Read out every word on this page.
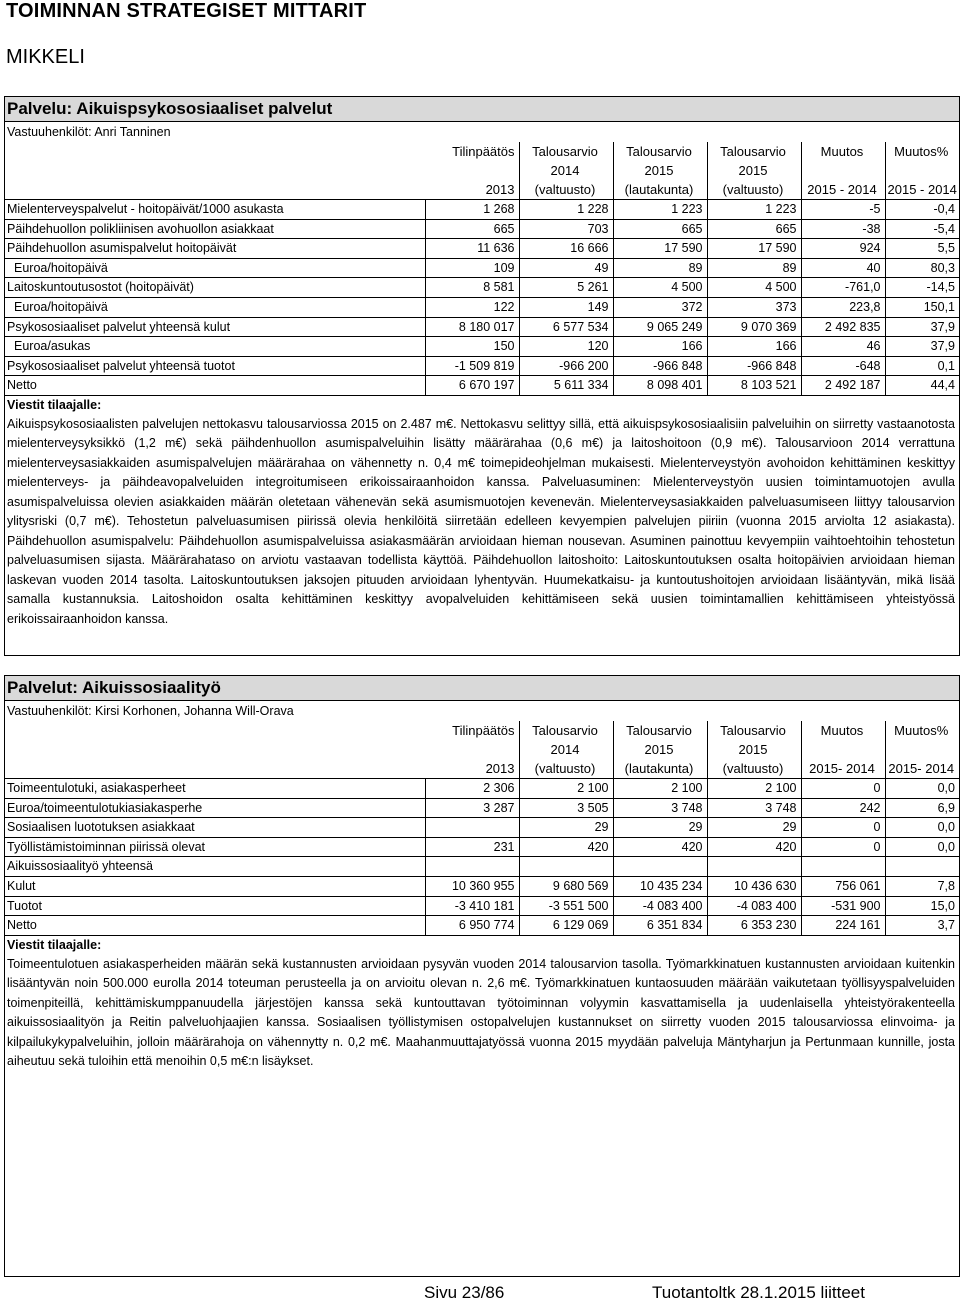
TOIMINNAN STRATEGISET MITTARIT
MIKKELI
Palvelu: Aikuispsykososiaaliset palvelut
Vastuuhenkilöt: Anri Tanninen
	Tilinpäätös	Talousarvio	Talousarvio	Talousarvio	Muutos	Muutos%
		2014	2015	2015		
	2013	(valtuusto)	(lautakunta)	(valtuusto)	2015 - 2014	2015 - 2014
Mielenterveyspalvelut - hoitopäivät/1000 asukasta	1 268	1 228	1 223	1 223	-5	-0,4
Päihdehuollon polikliinisen avohuollon asiakkaat	665	703	665	665	-38	-5,4
Päihdehuollon asumispalvelut hoitopäivät	11 636	16 666	17 590	17 590	924	5,5
Euroa/hoitopäivä	109	49	89	89	40	80,3
Laitoskuntoutusostot (hoitopäivät)	8 581	5 261	4 500	4 500	-761,0	-14,5
Euroa/hoitopäivä	122	149	372	373	223,8	150,1
Psykososiaaliset palvelut yhteensä kulut	8 180 017	6 577 534	9 065 249	9 070 369	2 492 835	37,9
Euroa/asukas	150	120	166	166	46	37,9
Psykososiaaliset palvelut yhteensä tuotot	-1 509 819	-966 200	-966 848	-966 848	-648	0,1
Netto	6 670 197	5 611 334	8 098 401	8 103 521	2 492 187	44,4
Viestit tilaajalle:
Aikuispsykososiaalisten palvelujen nettokasvu talousarviossa 2015 on 2.487 m€. Nettokasvu selittyy sillä, että aikuispsykososiaalisiin palveluihin on siirretty vastaanotosta mielenterveysyksikkö (1,2 m€) sekä päihdenhuollon asumispalveluihin lisätty määrärahaa (0,6 m€) ja laitoshoitoon (0,9 m€). Talousarvioon 2014 verrattuna mielenterveysasiakkaiden asumispalvelujen määrärahaa on vähennetty n. 0,4 m€ toimepideohjelman mukaisesti. Mielenterveystyön avohoidon kehittäminen keskittyy mielenterveys- ja päihdeavopalveluiden integroitumiseen erikoissairaanhoidon kanssa. Palveluasuminen: Mielenterveystyön uusien toimintamuotojen avulla asumispalveluissa olevien asiakkaiden määrän oletetaan vähenevän sekä asumismuotojen kevenevän. Mielenterveysasiakkaiden palveluasumiseen liittyy talousarvion ylitysriski (0,7 m€). Tehostetun palveluasumisen piirissä olevia henkilöitä siirretään edelleen kevyempien palvelujen piiriin (vuonna 2015 arviolta 12 asiakasta). Päihdehuollon asumispalvelu: Päihdehuollon asumispalveluissa asiakasmäärän arvioidaan hieman nousevan. Asuminen painottuu kevyempiin vaihtoehtoihin tehostetun palveluasumisen sijasta. Määrärahataso on arviotu vastaavan todellista käyttöä. Päihdehuollon laitoshoito: Laitoskuntoutuksen osalta hoitopäivien arvioidaan hieman laskevan vuoden 2014 tasolta. Laitoskuntoutuksen jaksojen pituuden arvioidaan lyhentyvän. Huumekatkaisu- ja kuntoutushoitojen arvioidaan lisääntyvän, mikä lisää samalla kustannuksia. Laitoshoidon osalta kehittäminen keskittyy avopalveluiden kehittämiseen sekä uusien toimintamallien kehittämiseen yhteistyössä erikoissairaanhoidon kanssa.
Palvelut: Aikuissosiaalityö
Vastuuhenkilöt: Kirsi Korhonen, Johanna Will-Orava
	Tilinpäätös	Talousarvio	Talousarvio	Talousarvio	Muutos	Muutos%
		2014	2015	2015		
	2013	(valtuusto)	(lautakunta)	(valtuusto)	2015- 2014	2015- 2014
Toimeentulotuki, asiakasperheet	2 306	2 100	2 100	2 100	0	0,0
Euroa/toimeentulotukiasiakasperhe	3 287	3 505	3 748	3 748	242	6,9
Sosiaalisen luototuksen asiakkaat		29	29	29	0	0,0
Työllistämistoiminnan piirissä olevat	231	420	420	420	0	0,0
Aikuissosiaalityö yhteensä						
Kulut	10 360 955	9 680 569	10 435 234	10 436 630	756 061	7,8
Tuotot	-3 410 181	-3 551 500	-4 083 400	-4 083 400	-531 900	15,0
Netto	6 950 774	6 129 069	6 351 834	6 353 230	224 161	3,7
Viestit tilaajalle:
Toimeentulotuen asiakasperheiden määrän sekä kustannusten arvioidaan pysyvän vuoden 2014 talousarvion tasolla. Työmarkkinatuen kustannusten arvioidaan kuitenkin lisääntyvän noin 500.000 eurolla 2014 toteuman perusteella ja on arvioitu olevan n. 2,6 m€. Työmarkkinatuen kuntaosuuden määrään vaikutetaan työllisyyspalveluiden toimenpiteillä, kehittämiskumppanuudella järjestöjen kanssa sekä kuntouttavan työtoiminnan volyymin kasvattamisella ja uudenlaisella yhteistyörakenteella aikuissosiaalityön ja Reitin palveluohjaajien kanssa. Sosiaalisen työllistymisen ostopalvelujen kustannukset on siirretty vuoden 2015 talousarviossa elinvoima- ja kilpailukykypalveluihin, jolloin määrärahoja on vähennytty n. 0,2 m€. Maahanmuuttajatyössä vuonna 2015 myydään palveluja Mäntyharjun ja Pertunmaan kunnille, josta aiheutuu sekä tuloihin että menoihin 0,5 m€:n lisäykset.
Sivu 23/86	Tuotantoltk 28.1.2015 liitteet
